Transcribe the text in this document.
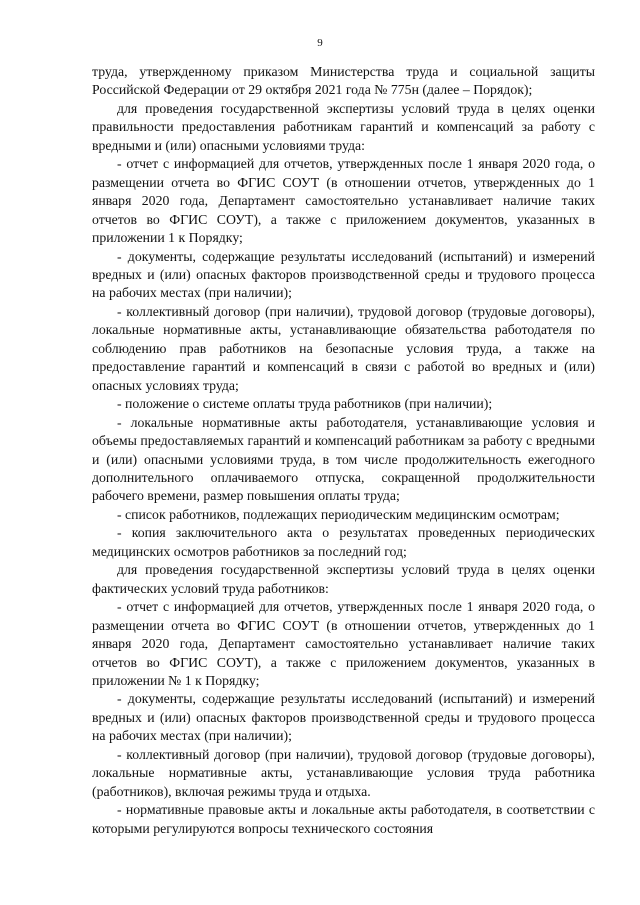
9

труда, утвержденному приказом Министерства труда и социальной защиты Российской Федерации от 29 октября 2021 года № 775н (далее – Порядок);

для проведения государственной экспертизы условий труда в целях оценки правильности предоставления работникам гарантий и компенсаций за работу с вредными и (или) опасными условиями труда:

- отчет с информацией для отчетов, утвержденных после 1 января 2020 года, о размещении отчета во ФГИС СОУТ (в отношении отчетов, утвержденных до 1 января 2020 года, Департамент самостоятельно устанавливает наличие таких отчетов во ФГИС СОУТ), а также с приложением документов, указанных в приложении 1 к Порядку;

- документы, содержащие результаты исследований (испытаний) и измерений вредных и (или) опасных факторов производственной среды и трудового процесса на рабочих местах (при наличии);

- коллективный договор (при наличии), трудовой договор (трудовые договоры), локальные нормативные акты, устанавливающие обязательства работодателя по соблюдению прав работников на безопасные условия труда, а также на предоставление гарантий и компенсаций в связи с работой во вредных и (или) опасных условиях труда;

- положение о системе оплаты труда работников (при наличии);

- локальные нормативные акты работодателя, устанавливающие условия и объемы предоставляемых гарантий и компенсаций работникам за работу с вредными и (или) опасными условиями труда, в том числе продолжительность ежегодного дополнительного оплачиваемого отпуска, сокращенной продолжительности рабочего времени, размер повышения оплаты труда;

- список работников, подлежащих периодическим медицинским осмотрам;

- копия заключительного акта о результатах проведенных периодических медицинских осмотров работников за последний год;

для проведения государственной экспертизы условий труда в целях оценки фактических условий труда работников:

- отчет с информацией для отчетов, утвержденных после 1 января 2020 года, о размещении отчета во ФГИС СОУТ (в отношении отчетов, утвержденных до 1 января 2020 года, Департамент самостоятельно устанавливает наличие таких отчетов во ФГИС СОУТ), а также с приложением документов, указанных в приложении № 1 к Порядку;

- документы, содержащие результаты исследований (испытаний) и измерений вредных и (или) опасных факторов производственной среды и трудового процесса на рабочих местах (при наличии);

- коллективный договор (при наличии), трудовой договор (трудовые договоры), локальные нормативные акты, устанавливающие условия труда работника (работников), включая режимы труда и отдыха.

- нормативные правовые акты и локальные акты работодателя, в соответствии с которыми регулируются вопросы технического состояния
